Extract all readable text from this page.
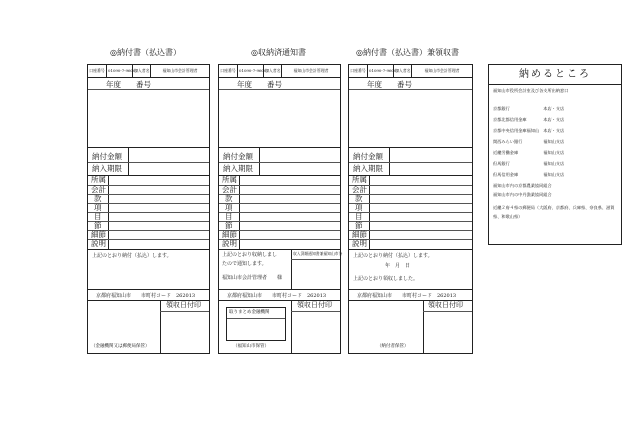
◎納付書（払込書）	◎収納済通知書	◎納付書（払込書）兼領収書
口座番号 01090-7-96007
加入者名	福知山市会計管理者
年度　　番号
納付金額
納入期限
所属
会計
款
項
目
節
細節
説明
上記のとおり納付（払込）します。
京都府福知山市　　市町村コード　262013
領収日付印
（金融機関又は郵便局保管）
口座番号 01090-7-96007
加入者名	福知山市会計管理者
年度　　番号
納付金額
納入期限
所属
会計
款
項
目
節
細節
説明
上記のとおり収納しまし
たので通知します。
福知山市会計管理者　　様
収入済額通知書兼福知山市分
京都府福知山市　　市町村コード　262013
取りまとめ金融機関
領収日付印
（福知山市保管）
口座番号 01090-7-96007
加入者名	福知山市会計管理者
年度　　番号
納付金額
納入期限
所属
会計
款
項
目
節
細節
説明
上記のとおり納付（払込）します。
年　月　日
上記のとおり領収しました。
京都府福知山市　　市町村コード　262013
領収日付印
（納付者保管）
納めるところ
福知山市役所会計室及び各支所出納窓口
京都銀行　　　　　　　　本店・支店
京都北都信用金庫　　　　本店・支店
京都中央信用金庫福知山　本店・支店
関西みらい銀行　　　　　福知山支店
近畿労働金庫　　　　　　福知山支店
但馬銀行　　　　　　　　福知山支店
但馬信用金庫　　　　　　福知山支店
福知山市内の京都農業協同組合
福知山市内の中丹漁業協同組合
近畿２府４県の郵便局（大阪府、京都府、兵庫県、奈良県、滋賀県、和歌山県）
